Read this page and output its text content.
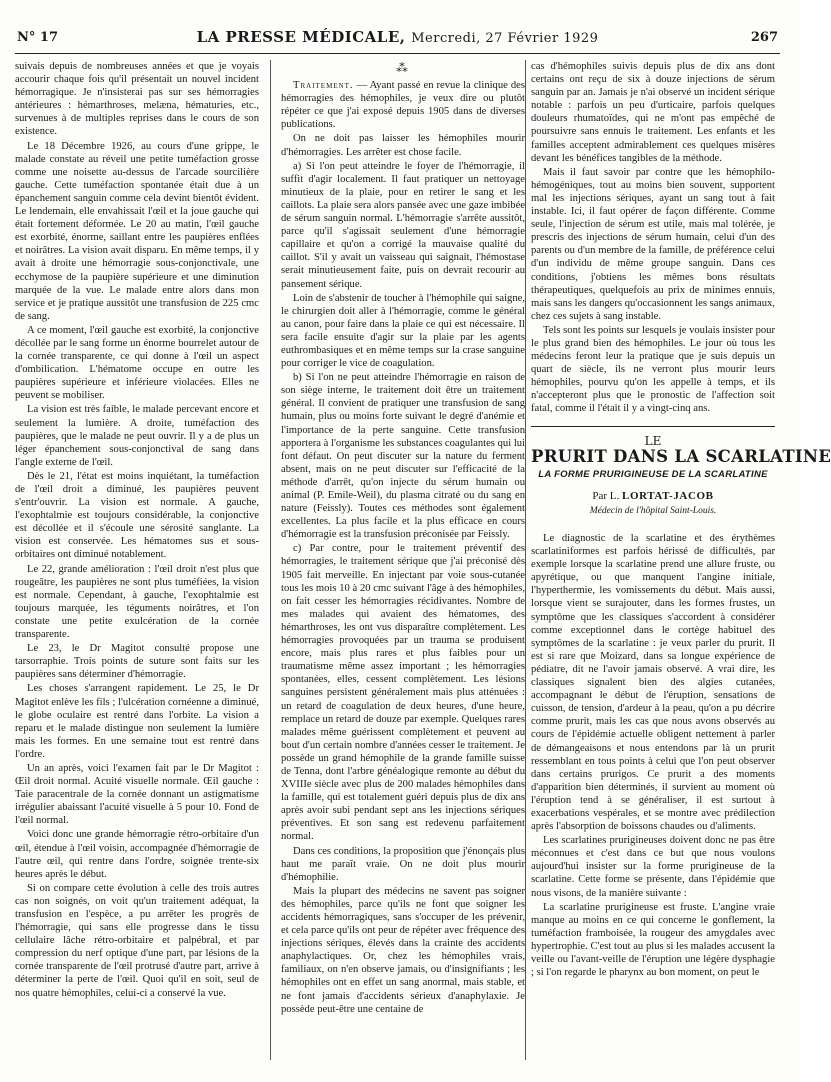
N° 17	LA PRESSE MÉDICALE, Mercredi, 27 Février 1929	267

suivais depuis de nombreuses années et que je voyais accourir chaque fois qu'il présentait un nouvel incident hémorragique. Je n'insisterai pas sur ses hémorragies antérieures : hémarthroses, melæna, hématuries, etc., survenues à de multiples reprises dans le cours de son existence.

Le 18 Décembre 1926, au cours d'une grippe, le malade constate au réveil une petite tuméfaction grosse comme une noisette au-dessus de l'arcade sourcilière gauche. Cette tuméfaction spontanée était due à un épanchement sanguin comme cela devint bientôt évident. Le lendemain, elle envahissait l'œil et la joue gauche qui était fortement déformée. Le 20 au matin, l'œil gauche est exorbité, énorme, saillant entre les paupières enflées et noirâtres. La vision avait disparu. En même temps, il y avait à droite une hémorragie sous-conjonctivale, une ecchymose de la paupière supérieure et une diminution marquée de la vue. Le malade entre alors dans mon service et je pratique aussitôt une transfusion de 225 cmc de sang.

A ce moment, l'œil gauche est exorbité, la conjonctive décollée par le sang forme un énorme bourrelet autour de la cornée transparente, ce qui donne à l'œil un aspect d'ombilication. L'hématome occupe en outre les paupières supérieure et inférieure violacées. Elles ne peuvent se mobiliser.

La vision est très faible, le malade percevant encore et seulement la lumière. A droite, tuméfaction des paupières, que le malade ne peut ouvrir. Il y a de plus un léger épanchement sous-conjonctival de sang dans l'angle externe de l'œil.

Dès le 21, l'état est moins inquiétant, la tuméfaction de l'œil droit a diminué, les paupières peuvent s'entr'ouvrir. La vision est normale. A gauche, l'exophtalmie est toujours considérable, la conjonctive est décollée et il s'écoule une sérosité sanglante. La vision est conservée. Les hématomes sus et sous-orbitaires ont diminué notablement.

Le 22, grande amélioration : l'œil droit n'est plus que rougeâtre, les paupières ne sont plus tuméfiées, la vision est normale. Cependant, à gauche, l'exophtalmie est toujours marquée, les téguments noirâtres, et l'on constate une petite exulcération de la cornée transparente.

Le 23, le Dr Magitot consulté propose une tarsorraphie. Trois points de suture sont faits sur les paupières sans déterminer d'hémorragie.

Les choses s'arrangent rapidement. Le 25, le Dr Magitot enlève les fils ; l'ulcération cornéenne a diminué, le globe oculaire est rentré dans l'orbite. La vision a reparu et le malade distingue non seulement la lumière mais les formes. En une semaine tout est rentré dans l'ordre.

Un an après, voici l'examen fait par le Dr Magitot : Œil droit normal. Acuité visuelle normale. Œil gauche : Taie paracentrale de la cornée donnant un astigmatisme irrégulier abaissant l'acuité visuelle à 5 pour 10. Fond de l'œil normal.

Voici donc une grande hémorragie rétro-orbitaire d'un œil, étendue à l'œil voisin, accompagnée d'hémorragie de l'autre œil, qui rentre dans l'ordre, soignée trente-six heures après le début.

Si on compare cette évolution à celle des trois autres cas non soignés, on voit qu'un traitement adéquat, la transfusion en l'espèce, a pu arrêter les progrès de l'hémorragie, qui sans elle progresse dans le tissu cellulaire lâche rétro-orbitaire et palpébral, et par compression du nerf optique d'une part, par lésions de la cornée transparente de l'œil protrusé d'autre part, arrive à déterminer la perte de l'œil. Quoi qu'il en soit, seul de nos quatre hémophiles, celui-ci a conservé la vue.

⁂

Traitement. — Ayant passé en revue la clinique des hémorragies des hémophiles, je veux dire ou plutôt répéter ce que j'ai exposé depuis 1905 dans de diverses publications.

On ne doit pas laisser les hémophiles mourir d'hémorragies. Les arrêter est chose facile.

a) Si l'on peut atteindre le foyer de l'hémorragie, il suffit d'agir localement. Il faut pratiquer un nettoyage minutieux de la plaie, pour en retirer le sang et les caillots. La plaie sera alors pansée avec une gaze imbibée de sérum sanguin normal. L'hémorragie s'arrête aussitôt, parce qu'il s'agissait seulement d'une hémorragie capillaire et qu'on a corrigé la mauvaise qualité du caillot. S'il y avait un vaisseau qui saignait, l'hémostase serait minutieusement faite, puis on devrait recourir au pansement sérique.

Loin de s'abstenir de toucher à l'hémophile qui saigne, le chirurgien doit aller à l'hémorragie, comme le général au canon, pour faire dans la plaie ce qui est nécessaire. Il sera facile ensuite d'agir sur la plaie par les agents euthrombasiques et en même temps sur la crase sanguine pour corriger le vice de coagulation.

b) Si l'on ne peut atteindre l'hémorragie en raison de son siège interne, le traitement doit être un traitement général. Il convient de pratiquer une transfusion de sang humain, plus ou moins forte suivant le degré d'anémie et l'importance de la perte sanguine. Cette transfusion apportera à l'organisme les substances coagulantes qui lui font défaut. On peut discuter sur la nature du ferment absent, mais on ne peut discuter sur l'efficacité de la méthode d'arrêt, qu'on injecte du sérum humain ou animal (P. Emile-Weil), du plasma citraté ou du sang en nature (Feissly). Toutes ces méthodes sont également excellentes. La plus facile et la plus efficace en cours d'hémorragie est la transfusion préconisée par Feissly.

c) Par contre, pour le traitement préventif des hémorragies, le traitement sérique que j'ai préconisé dès 1905 fait merveille. En injectant par voie sous-cutanée tous les mois 10 à 20 cmc suivant l'âge à des hémophiles, on fait cesser les hémorragies récidivantes. Nombre de mes malades qui avaient des hématomes, des hémarthroses, les ont vus disparaître complètement. Les hémorragies provoquées par un trauma se produisent encore, mais plus rares et plus faibles pour un traumatisme même assez important ; les hémorragies spontanées, elles, cessent complètement. Les lésions sanguines persistent généralement mais plus atténuées : un retard de coagulation de deux heures, d'une heure, remplace un retard de douze par exemple. Quelques rares malades même guérissent complètement et peuvent au bout d'un certain nombre d'années cesser le traitement. Je possède un grand hémophile de la grande famille suisse de Tenna, dont l'arbre généalogique remonte au début du XVIIIe siècle avec plus de 200 malades hémophiles dans la famille, qui est totalement guéri depuis plus de dix ans après avoir subi pendant sept ans les injections sériques préventives. Et son sang est redevenu parfaitement normal.

Dans ces conditions, la proposition que j'énonçais plus haut me paraît vraie. On ne doit plus mourir d'hémophilie.

Mais la plupart des médecins ne savent pas soigner des hémophiles, parce qu'ils ne font que soigner les accidents hémorragiques, sans s'occuper de les prévenir, et cela parce qu'ils ont peur de répéter avec fréquence des injections sériques, élevés dans la crainte des accidents anaphylactiques. Or, chez les hémophiles vrais, familiaux, on n'en observe jamais, ou d'insignifiants ; les hémophiles ont en effet un sang anormal, mais stable, et ne font jamais d'accidents sérieux d'anaphylaxie. Je possède peut-être une centaine de

cas d'hémophiles suivis depuis plus de dix ans dont certains ont reçu de six à douze injections de sérum sanguin par an. Jamais je n'ai observé un incident sérique notable : parfois un peu d'urticaire, parfois quelques douleurs rhumatoïdes, qui ne m'ont pas empêché de poursuivre sans ennuis le traitement. Les enfants et les familles acceptent admirablement ces quelques misères devant les bénéfices tangibles de la méthode.

Mais il faut savoir par contre que les hémophilo-hémogéniques, tout au moins bien souvent, supportent mal les injections sériques, ayant un sang tout à fait instable. Ici, il faut opérer de façon différente. Comme seule, l'injection de sérum est utile, mais mal tolérée, je prescris des injections de sérum humain, celui d'un des parents ou d'un membre de la famille, de préférence celui d'un individu de même groupe sanguin. Dans ces conditions, j'obtiens les mêmes bons résultats thérapeutiques, quelquefois au prix de minimes ennuis, mais sans les dangers qu'occasionnent les sangs animaux, chez ces sujets à sang instable.

Tels sont les points sur lesquels je voulais insister pour le plus grand bien des hémophiles. Le jour où tous les médecins feront leur la pratique que je suis depuis un quart de siècle, ils ne verront plus mourir leurs hémophiles, pourvu qu'on les appelle à temps, et ils n'accepteront plus que le pronostic de l'affection soit fatal, comme il l'était il y a vingt-cinq ans.

LE
PRURIT DANS LA SCARLATINE
LA FORME PRURIGINEUSE DE LA SCARLATINE
Par L. LORTAT-JACOB
Médecin de l'hôpital Saint-Louis.

Le diagnostic de la scarlatine et des érythèmes scarlatiniformes est parfois hérissé de difficultés, par exemple lorsque la scarlatine prend une allure fruste, ou apyrétique, ou que manquent l'angine initiale, l'hyperthermie, les vomissements du début. Mais aussi, lorsque vient se surajouter, dans les formes frustes, un symptôme que les classiques s'accordent à considérer comme exceptionnel dans le cortège habituel des symptômes de la scarlatine : je veux parler du prurit. Il est si rare que Moizard, dans sa longue expérience de pédiatre, dit ne l'avoir jamais observé. A vrai dire, les classiques signalent bien des algies cutanées, accompagnant le début de l'éruption, sensations de cuisson, de tension, d'ardeur à la peau, qu'on a pu décrire comme prurit, mais les cas que nous avons observés au cours de l'épidémie actuelle obligent nettement à parler de démangeaisons et nous entendons par là un prurit ressemblant en tous points à celui que l'on peut observer dans certains prurigos. Ce prurit a des moments d'apparition bien déterminés, il survient au moment où l'éruption tend à se généraliser, il est surtout à exacerbations vespérales, et se montre avec prédilection après l'absorption de boissons chaudes ou d'aliments.

Les scarlatines prurigineuses doivent donc ne pas être méconnues et c'est dans ce but que nous voulons aujourd'hui insister sur la forme prurigineuse de la scarlatine. Cette forme se présente, dans l'épidémie que nous visons, de la manière suivante :

La scarlatine prurigineuse est fruste. L'angine vraie manque au moins en ce qui concerne le gonflement, la tuméfaction framboisée, la rougeur des amygdales avec hypertrophie. C'est tout au plus si les malades accusent la veille ou l'avant-veille de l'éruption une légère dysphagie ; si l'on regarde le pharynx au bon moment, on peut le
